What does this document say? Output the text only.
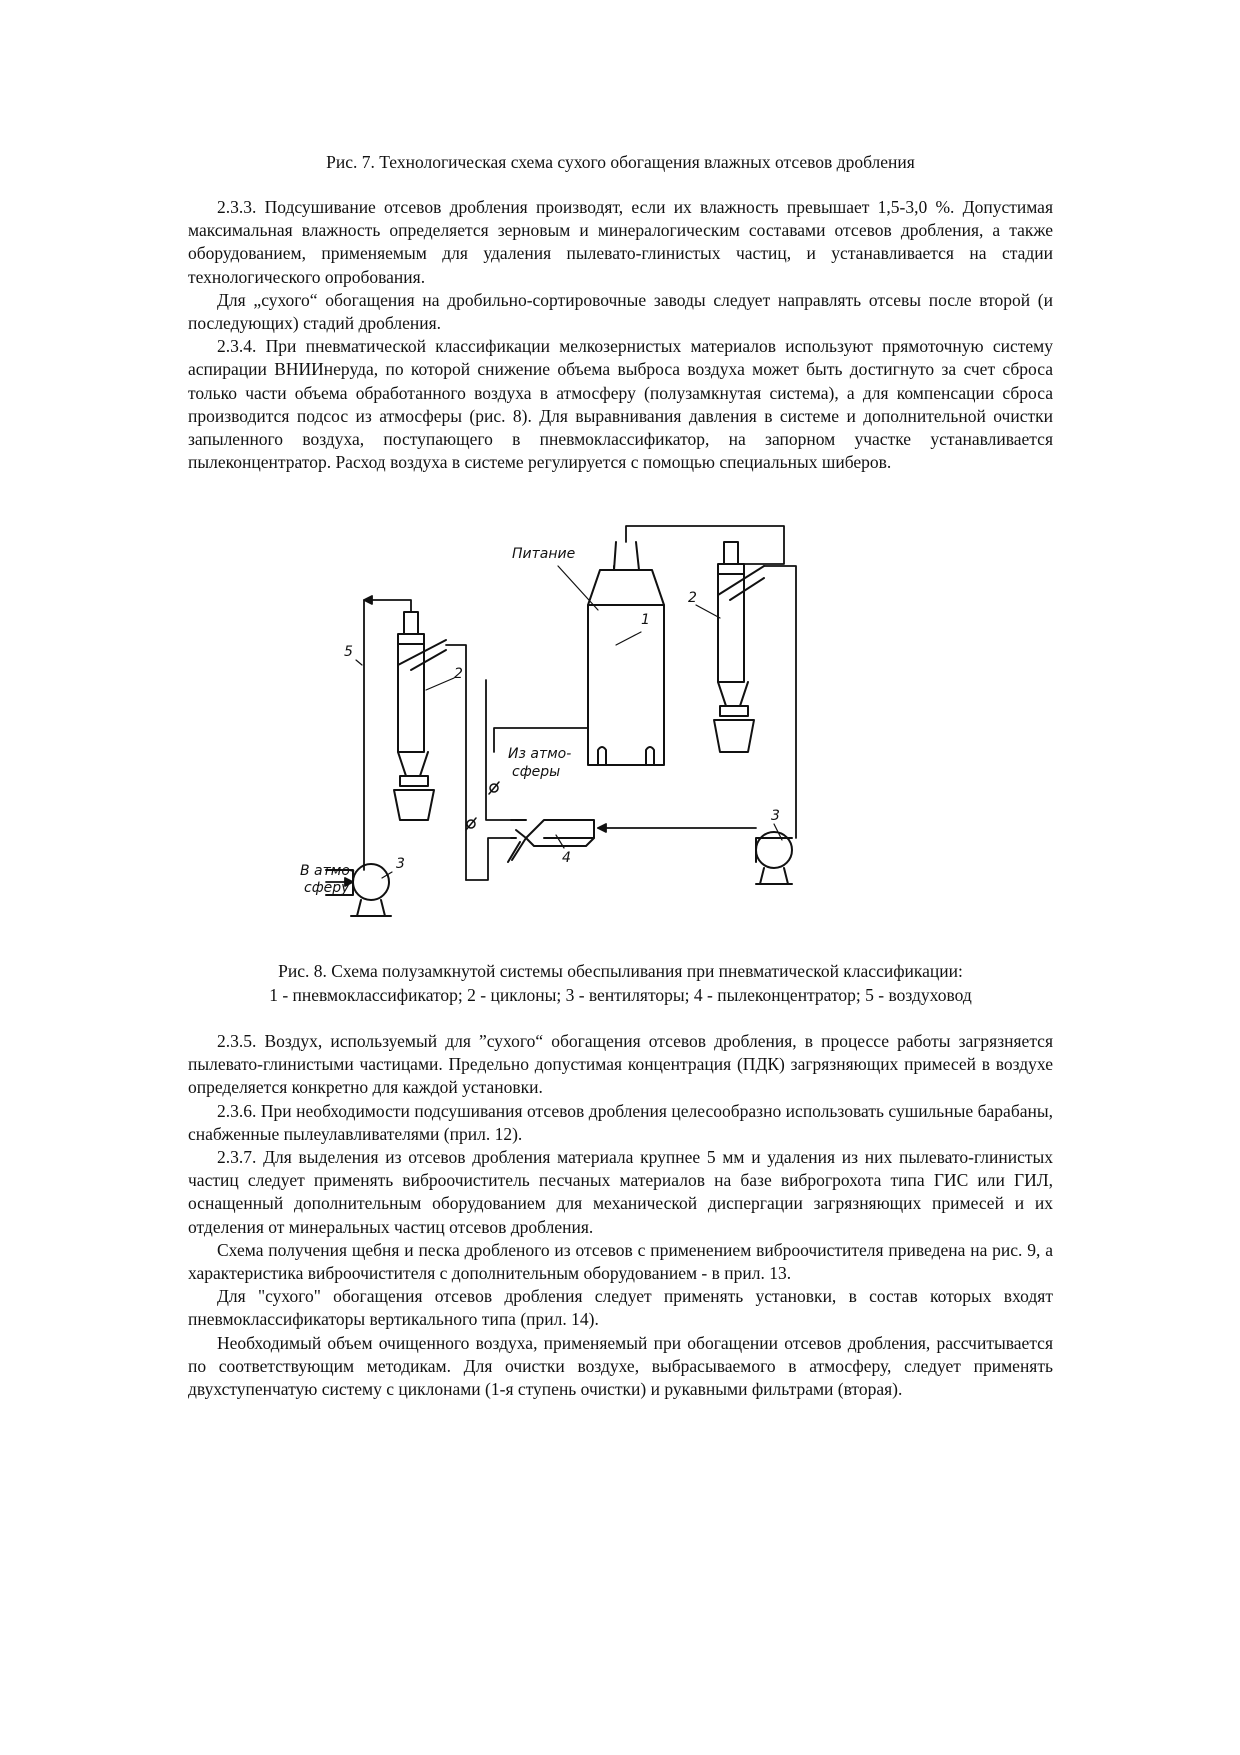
Рис. 7. Технологическая схема сухого обогащения влажных отсевов дробления

2.3.3. Подсушивание отсевов дробления производят, если их влажность превышает 1,5-3,0 %. Допустимая максимальная влажность определяется зерновым и минералогическим составами отсевов дробления, а также оборудованием, применяемым для удаления пылевато-глинистых частиц, и устанавливается на стадии технологического опробования.

Для „сухого“ обогащения на дробильно-сортировочные заводы следует направлять отсевы после второй (и последующих) стадий дробления.

2.3.4. При пневматической классификации мелкозернистых материалов используют прямоточную систему аспирации ВНИИнеруда, по которой снижение объема выброса воздуха может быть достигнуто за счет сброса только части объема обработанного воздуха в атмосферу (полузамкнутая система), а для компенсации сброса производится подсос из атмосферы (рис. 8). Для выравнивания давления в системе и дополнительной очистки запыленного воздуха, поступающего в пневмоклассификатор, на запорном участке устанавливается пылеконцентратор. Расход воздуха в системе регулируется с помощью специальных шиберов.

Питание
Из атмо-
сферы
В атмо-
сферу
1
2
2
3
3
4
5
Рис. 8. Схема полузамкнутой системы обеспыливания при пневматической классификации:
1 - пневмоклассификатор; 2 - циклоны; 3 - вентиляторы; 4 - пылеконцентратор; 5 - воздуховод

2.3.5. Воздух, используемый для ”сухого“ обогащения отсевов дробления, в процессе работы загрязняется пылевато-глинистыми частицами. Предельно допустимая концентрация (ПДК) загрязняющих примесей в воздухе определяется конкретно для каждой установки.

2.3.6. При необходимости подсушивания отсевов дробления целесообразно использовать сушильные барабаны, снабженные пылеулавливателями (прил. 12).

2.3.7. Для выделения из отсевов дробления материала крупнее 5 мм и удаления из них пылевато-глинистых частиц следует применять виброочиститель песчаных материалов на базе виброгрохота типа ГИС или ГИЛ, оснащенный дополнительным оборудованием для механической диспергации загрязняющих примесей и их отделения от минеральных частиц отсевов дробления.

Схема получения щебня и песка дробленого из отсевов с применением виброочистителя приведена на рис. 9, а характеристика виброочистителя с дополнительным оборудованием - в прил. 13.

Для "сухого" обогащения отсевов дробления следует применять установки, в состав которых входят пневмоклассификаторы вертикального типа (прил. 14).

Необходимый объем очищенного воздуха, применяемый при обогащении отсевов дробления, рассчитывается по соответствующим методикам. Для очистки воздухе, выбрасываемого в атмосферу, следует применять двухступенчатую систему с циклонами (1-я ступень очистки) и рукавными фильтрами (вторая).
